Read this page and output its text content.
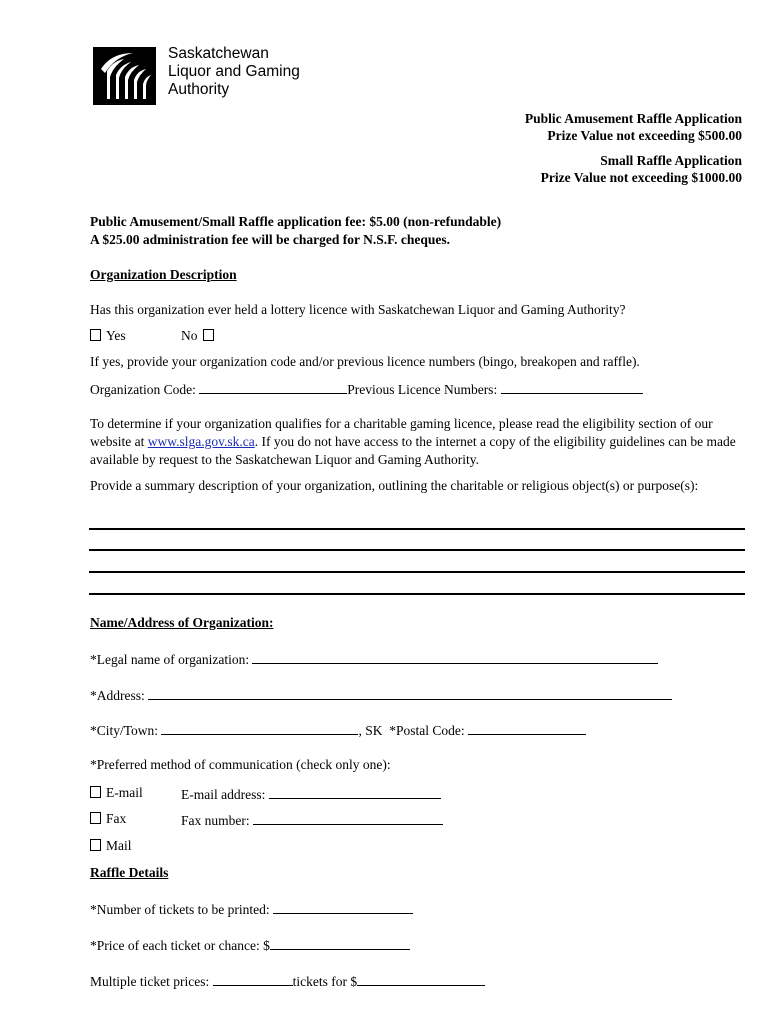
Saskatchewan
Liquor and Gaming
Authority
Public Amusement Raffle Application
Prize Value not exceeding $500.00
Small Raffle Application
Prize Value not exceeding $1000.00
Public Amusement/Small Raffle application fee: $5.00 (non-refundable)
A $25.00 administration fee will be charged for N.S.F. cheques.
Organization Description
Has this organization ever held a lottery licence with Saskatchewan Liquor and Gaming Authority?
Yes	No
If yes, provide your organization code and/or previous licence numbers (bingo, breakopen and raffle).
Organization Code:	Previous Licence Numbers:
To determine if your organization qualifies for a charitable gaming licence, please read the eligibility section of our website at www.slga.gov.sk.ca. If you do not have access to the internet a copy of the eligibility guidelines can be made available by request to the Saskatchewan Liquor and Gaming Authority.
Provide a summary description of your organization, outlining the charitable or religious object(s) or purpose(s):
Name/Address of Organization:
*Legal name of organization:
*Address:
*City/Town:	, SK *Postal Code:
*Preferred method of communication (check only one):
E-mail	E-mail address:
Fax	Fax number:
Mail
Raffle Details
*Number of tickets to be printed:
*Price of each ticket or chance: $
Multiple ticket prices:	tickets for $
